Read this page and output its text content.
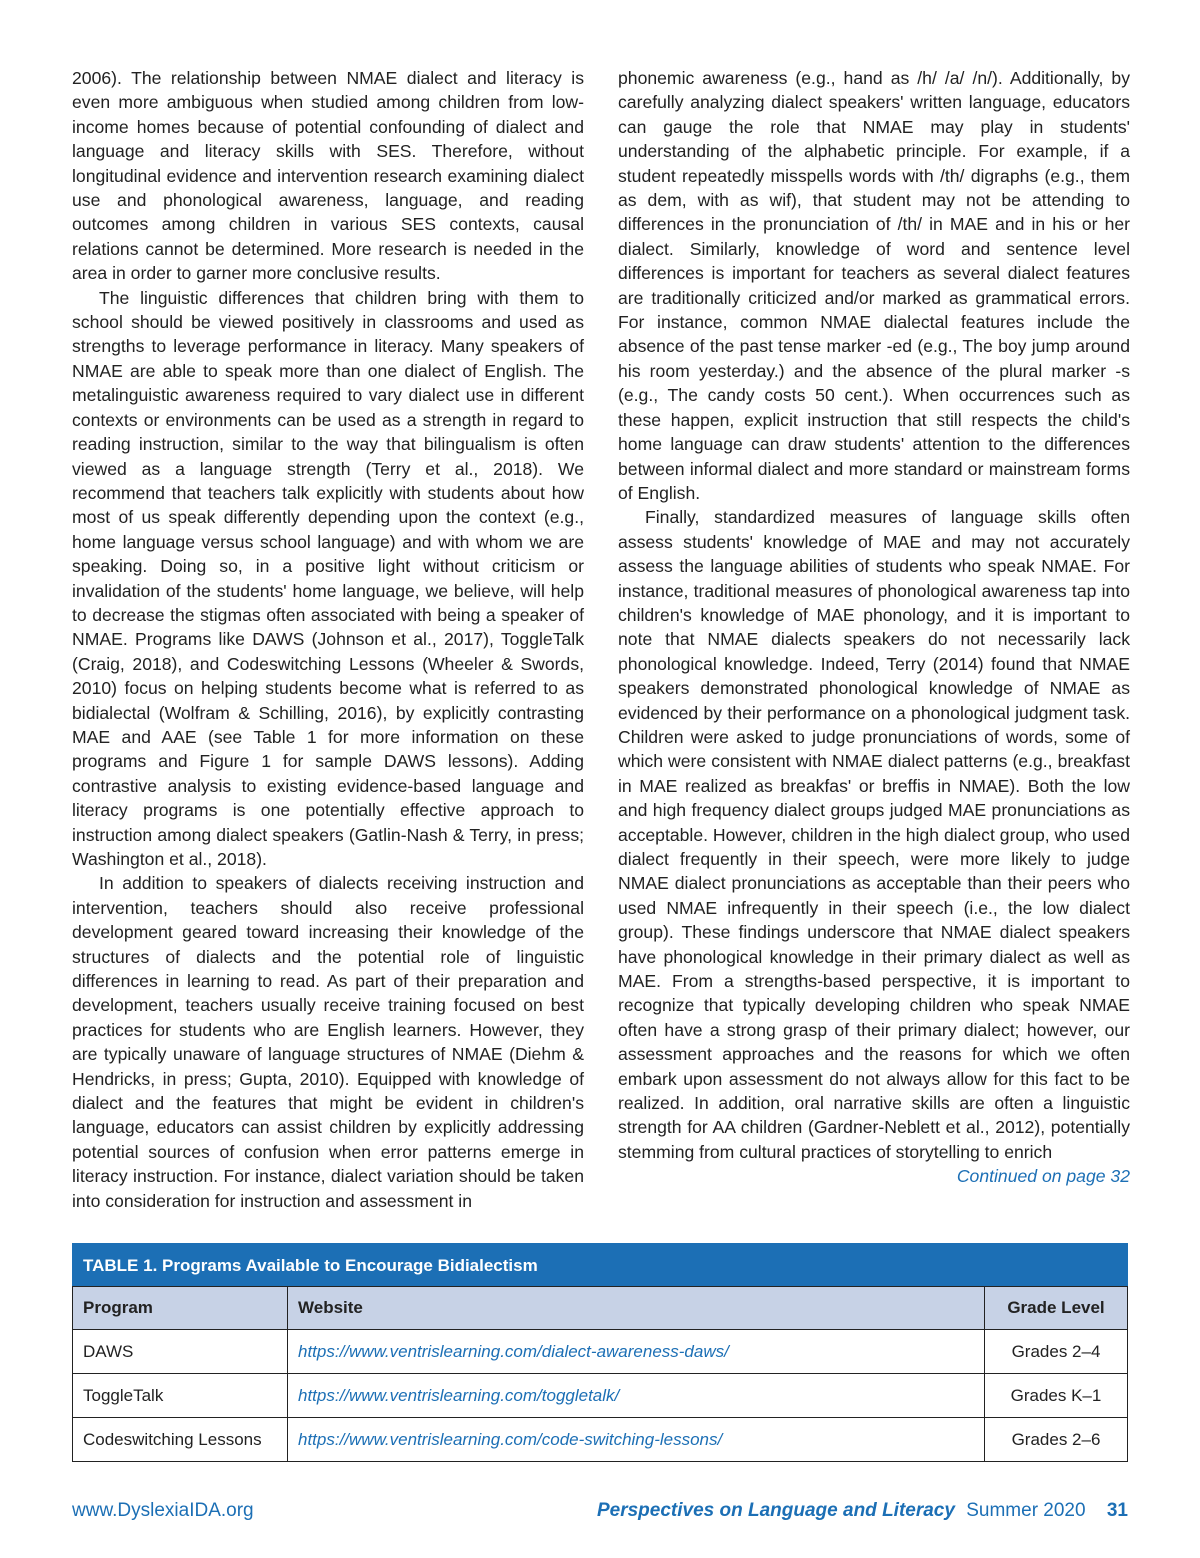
2006). The relationship between NMAE dialect and literacy is even more ambiguous when studied among children from low-income homes because of potential confounding of dialect and language and literacy skills with SES. Therefore, without longitudinal evidence and intervention research examining dialect use and phonological awareness, language, and reading outcomes among children in various SES contexts, causal relations cannot be determined. More research is needed in the area in order to garner more conclusive results.

The linguistic differences that children bring with them to school should be viewed positively in classrooms and used as strengths to leverage performance in literacy. Many speakers of NMAE are able to speak more than one dialect of English. The metalinguistic awareness required to vary dialect use in different contexts or environments can be used as a strength in regard to reading instruction, similar to the way that bilingualism is often viewed as a language strength (Terry et al., 2018). We recommend that teachers talk explicitly with students about how most of us speak differently depending upon the context (e.g., home language versus school language) and with whom we are speaking. Doing so, in a positive light without criticism or invalidation of the students' home language, we believe, will help to decrease the stigmas often associated with being a speaker of NMAE. Programs like DAWS (Johnson et al., 2017), ToggleTalk (Craig, 2018), and Codeswitching Lessons (Wheeler & Swords, 2010) focus on helping students become what is referred to as bidialectal (Wolfram & Schilling, 2016), by explicitly contrasting MAE and AAE (see Table 1 for more information on these programs and Figure 1 for sample DAWS lessons). Adding contrastive analysis to existing evidence-based language and literacy programs is one potentially effective approach to instruction among dialect speakers (Gatlin-Nash & Terry, in press; Washington et al., 2018).

In addition to speakers of dialects receiving instruction and intervention, teachers should also receive professional development geared toward increasing their knowledge of the structures of dialects and the potential role of linguistic differences in learning to read. As part of their preparation and development, teachers usually receive training focused on best practices for students who are English learners. However, they are typically unaware of language structures of NMAE (Diehm & Hendricks, in press; Gupta, 2010). Equipped with knowledge of dialect and the features that might be evident in children's language, educators can assist children by explicitly addressing potential sources of confusion when error patterns emerge in literacy instruction. For instance, dialect variation should be taken into consideration for instruction and assessment in

phonemic awareness (e.g., hand as /h/ /a/ /n/). Additionally, by carefully analyzing dialect speakers' written language, educators can gauge the role that NMAE may play in students' understanding of the alphabetic principle. For example, if a student repeatedly misspells words with /th/ digraphs (e.g., them as dem, with as wif), that student may not be attending to differences in the pronunciation of /th/ in MAE and in his or her dialect. Similarly, knowledge of word and sentence level differences is important for teachers as several dialect features are traditionally criticized and/or marked as grammatical errors. For instance, common NMAE dialectal features include the absence of the past tense marker -ed (e.g., The boy jump around his room yesterday.) and the absence of the plural marker -s (e.g., The candy costs 50 cent.). When occurrences such as these happen, explicit instruction that still respects the child's home language can draw students' attention to the differences between informal dialect and more standard or mainstream forms of English.

Finally, standardized measures of language skills often assess students' knowledge of MAE and may not accurately assess the language abilities of students who speak NMAE. For instance, traditional measures of phonological awareness tap into children's knowledge of MAE phonology, and it is important to note that NMAE dialects speakers do not necessarily lack phonological knowledge. Indeed, Terry (2014) found that NMAE speakers demonstrated phonological knowledge of NMAE as evidenced by their performance on a phonological judgment task. Children were asked to judge pronunciations of words, some of which were consistent with NMAE dialect patterns (e.g., breakfast in MAE realized as breakfas' or breffis in NMAE). Both the low and high frequency dialect groups judged MAE pronunciations as acceptable. However, children in the high dialect group, who used dialect frequently in their speech, were more likely to judge NMAE dialect pronunciations as acceptable than their peers who used NMAE infrequently in their speech (i.e., the low dialect group). These findings underscore that NMAE dialect speakers have phonological knowledge in their primary dialect as well as MAE. From a strengths-based perspective, it is important to recognize that typically developing children who speak NMAE often have a strong grasp of their primary dialect; however, our assessment approaches and the reasons for which we often embark upon assessment do not always allow for this fact to be realized. In addition, oral narrative skills are often a linguistic strength for AA children (Gardner-Neblett et al., 2012), potentially stemming from cultural practices of storytelling to enrich

Continued on page 32

TABLE 1. Programs Available to Encourage Bidialectism
Program	Website	Grade Level
DAWS	https://www.ventrislearning.com/dialect-awareness-daws/	Grades 2–4
ToggleTalk	https://www.ventrislearning.com/toggletalk/	Grades K–1
Codeswitching Lessons	https://www.ventrislearning.com/code-switching-lessons/	Grades 2–6
www.DyslexiaIDA.org	Perspectives on Language and Literacy Summer 2020 31
